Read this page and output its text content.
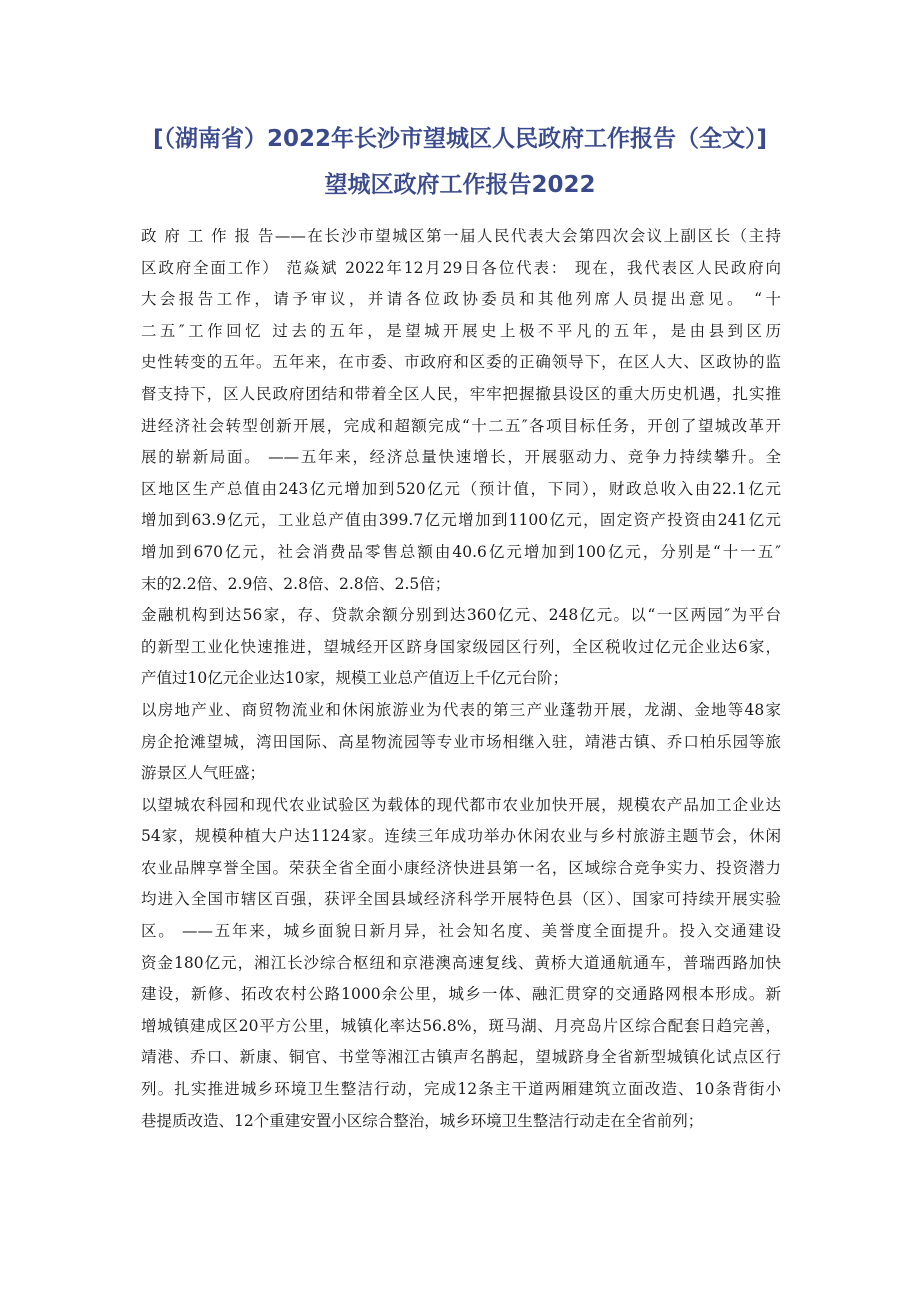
[（湖南省）2022年长沙市望城区人民政府工作报告（全文）]
望城区政府工作报告2022
政 府 工 作 报 告——在长沙市望城区第一届人民代表大会第四次会议上副区长（主持
区政府全面工作） 范焱斌 2022年12月29日各位代表： 现在，我代表区人民政府向
大会报告工作，请予审议，并请各位政协委员和其他列席人员提出意见。 “十
二五″工作回忆 过去的五年，是望城开展史上极不平凡的五年，是由县到区历
史性转变的五年。五年来，在市委、市政府和区委的正确领导下，在区人大、区政协的监
督支持下，区人民政府团结和带着全区人民，牢牢把握撤县设区的重大历史机遇，扎实推
进经济社会转型创新开展，完成和超额完成“十二五″各项目标任务，开创了望城改革开
展的崭新局面。 ——五年来，经济总量快速增长，开展驱动力、竞争力持续攀升。全
区地区生产总值由243亿元增加到520亿元（预计值，下同），财政总收入由22.1亿元
增加到63.9亿元，工业总产值由399.7亿元增加到1100亿元，固定资产投资由241亿元
增加到670亿元，社会消费品零售总额由40.6亿元增加到100亿元，分别是“十一五″
末的2.2倍、2.9倍、2.8倍、2.8倍、2.5倍；
金融机构到达56家，存、贷款余额分别到达360亿元、248亿元。以“一区两园″为平台
的新型工业化快速推进，望城经开区跻身国家级园区行列，全区税收过亿元企业达6家，
产值过10亿元企业达10家，规模工业总产值迈上千亿元台阶；
以房地产业、商贸物流业和休闲旅游业为代表的第三产业蓬勃开展，龙湖、金地等48家
房企抢滩望城，湾田国际、高星物流园等专业市场相继入驻，靖港古镇、乔口柏乐园等旅
游景区人气旺盛；
以望城农科园和现代农业试验区为载体的现代都市农业加快开展，规模农产品加工企业达
54家，规模种植大户达1124家。连续三年成功举办休闲农业与乡村旅游主题节会，休闲
农业品牌享誉全国。荣获全省全面小康经济快进县第一名，区域综合竞争实力、投资潜力
均进入全国市辖区百强，获评全国县域经济科学开展特色县（区）、国家可持续开展实验
区。 ——五年来，城乡面貌日新月异，社会知名度、美誉度全面提升。投入交通建设
资金180亿元，湘江长沙综合枢纽和京港澳高速复线、黄桥大道通航通车，普瑞西路加快
建设，新修、拓改农村公路1000余公里，城乡一体、融汇贯穿的交通路网根本形成。新
增城镇建成区20平方公里，城镇化率达56.8%，斑马湖、月亮岛片区综合配套日趋完善，
靖港、乔口、新康、铜官、书堂等湘江古镇声名鹊起，望城跻身全省新型城镇化试点区行
列。扎实推进城乡环境卫生整洁行动，完成12条主干道两厢建筑立面改造、10条背街小
巷提质改造、12个重建安置小区综合整治，城乡环境卫生整洁行动走在全省前列；
